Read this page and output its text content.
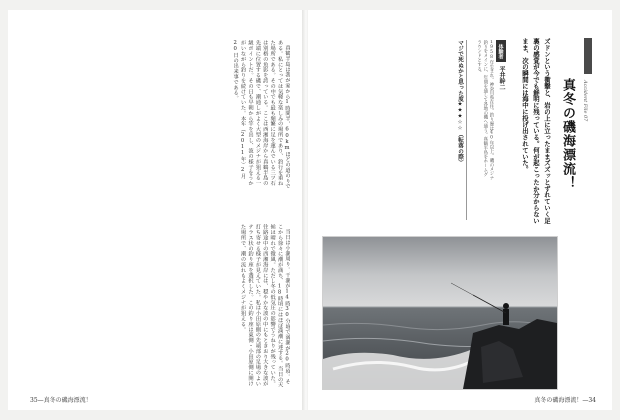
真鶴半島は我が家から1時間半、60kmほどの道のりである。私にとっては気軽な楽しみの場所であり、釣行を重ねた場所である。その中でも最も頻繁に足を運んでいる三ツ石は別格の魚影を誇っている。ここは西湘海岸から真鶴半島の先端に位置する磯で、潮通しがよく大型のメジナが狙える一級ポイントだ。その日も早朝から竿を出し、波の様子をうかがいながら釣りを続けていた。本年（2011年）2月20日の出来事である。

当日は小潮周り。干潮が14時30分頃で満潮が20時頃。そこから徐々に潮が満ち、18時頃にはほぼ満潮に達する。当日の天候は晴れで微風。ただし冬の低気圧の影響でうねりが残っていた。往路途中の西湘海岸には、穏やかな波の中にもときおり大きな波が打ち寄せる様子が見えていた。私は小田原側の先端部の足場のよいテラス状の釣り座を選択した。この釣り座は東側・小田原側に開けた場所で、潮の流れもよくメジナが狙える。

35—真冬の磯海漂流！
Accident File 07
真冬の磯海漂流！
ズドンという衝撃と、岩の上に立ったままズズッとずれていく足裏の感覚が今でも鮮明に残っている。何が起こったか分からないまま、次の瞬間には海中に投げ出されていた。
体験者
平井幹二
1958年生まれ。神奈川県在住。釣り歴は40年以上。磯のメジナ釣りをメインに、年間を通して各地の磯へ通う。真鶴半島をホームグラウンドとする。
マジで死ぬかと思った度★★★☆☆（転落の際）
真冬の磯海漂流！—34
